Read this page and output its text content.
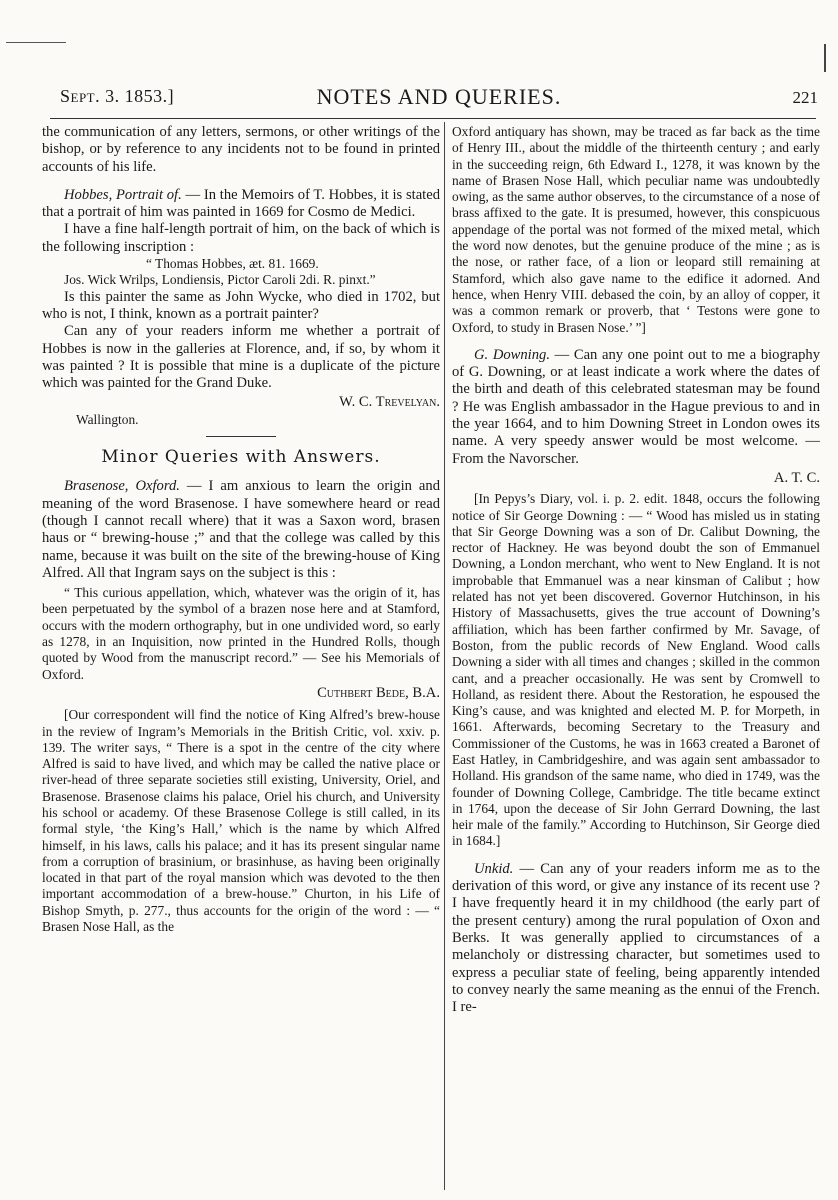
Sept. 3. 1853.]	NOTES AND QUERIES.	221

the communication of any letters, sermons, or other writings of the bishop, or by reference to any incidents not to be found in printed accounts of his life.

Hobbes, Portrait of. — In the Memoirs of T. Hobbes, it is stated that a portrait of him was painted in 1669 for Cosmo de Medici.

I have a fine half-length portrait of him, on the back of which is the following inscription :

“ Thomas Hobbes, æt. 81. 1669.

Jos. Wick Wrilps, Londiensis, Pictor Caroli 2di. R. pinxt.”

Is this painter the same as John Wycke, who died in 1702, but who is not, I think, known as a portrait painter?

Can any of your readers inform me whether a portrait of Hobbes is now in the galleries at Florence, and, if so, by whom it was painted ? It is possible that mine is a duplicate of the picture which was painted for the Grand Duke.

W. C. Trevelyan.

Wallington.

Minor Queries with Answers.

Brasenose, Oxford. — I am anxious to learn the origin and meaning of the word Brasenose. I have somewhere heard or read (though I cannot recall where) that it was a Saxon word, brasen haus or “ brewing-house ;” and that the college was called by this name, because it was built on the site of the brewing-house of King Alfred. All that Ingram says on the subject is this :

“ This curious appellation, which, whatever was the origin of it, has been perpetuated by the symbol of a brazen nose here and at Stamford, occurs with the modern orthography, but in one undivided word, so early as 1278, in an Inquisition, now printed in the Hundred Rolls, though quoted by Wood from the manuscript record.” — See his Memorials of Oxford.

Cuthbert Bede, B.A.

[Our correspondent will find the notice of King Alfred’s brew-house in the review of Ingram’s Memorials in the British Critic, vol. xxiv. p. 139. The writer says, “ There is a spot in the centre of the city where Alfred is said to have lived, and which may be called the native place or river-head of three separate societies still existing, University, Oriel, and Brasenose. Brasenose claims his palace, Oriel his church, and University his school or academy. Of these Brasenose College is still called, in its formal style, ‘the King’s Hall,’ which is the name by which Alfred himself, in his laws, calls his palace; and it has its present singular name from a corruption of brasinium, or brasinhuse, as having been originally located in that part of the royal mansion which was devoted to the then important accommodation of a brew-house.” Churton, in his Life of Bishop Smyth, p. 277., thus accounts for the origin of the word : — “ Brasen Nose Hall, as the

Oxford antiquary has shown, may be traced as far back as the time of Henry III., about the middle of the thirteenth century ; and early in the succeeding reign, 6th Edward I., 1278, it was known by the name of Brasen Nose Hall, which peculiar name was undoubtedly owing, as the same author observes, to the circumstance of a nose of brass affixed to the gate. It is presumed, however, this conspicuous appendage of the portal was not formed of the mixed metal, which the word now denotes, but the genuine produce of the mine ; as is the nose, or rather face, of a lion or leopard still remaining at Stamford, which also gave name to the edifice it adorned. And hence, when Henry VIII. debased the coin, by an alloy of copper, it was a common remark or proverb, that ‘ Testons were gone to Oxford, to study in Brasen Nose.’ ”]

G. Downing. — Can any one point out to me a biography of G. Downing, or at least indicate a work where the dates of the birth and death of this celebrated statesman may be found ? He was English ambassador in the Hague previous to and in the year 1664, and to him Downing Street in London owes its name. A very speedy answer would be most welcome. — From the Navorscher.

A. T. C.

[In Pepys’s Diary, vol. i. p. 2. edit. 1848, occurs the following notice of Sir George Downing : — “ Wood has misled us in stating that Sir George Downing was a son of Dr. Calibut Downing, the rector of Hackney. He was beyond doubt the son of Emmanuel Downing, a London merchant, who went to New England. It is not improbable that Emmanuel was a near kinsman of Calibut ; how related has not yet been discovered. Governor Hutchinson, in his History of Massachusetts, gives the true account of Downing’s affiliation, which has been farther confirmed by Mr. Savage, of Boston, from the public records of New England. Wood calls Downing a sider with all times and changes ; skilled in the common cant, and a preacher occasionally. He was sent by Cromwell to Holland, as resident there. About the Restoration, he espoused the King’s cause, and was knighted and elected M. P. for Morpeth, in 1661. Afterwards, becoming Secretary to the Treasury and Commissioner of the Customs, he was in 1663 created a Baronet of East Hatley, in Cambridgeshire, and was again sent ambassador to Holland. His grandson of the same name, who died in 1749, was the founder of Downing College, Cambridge. The title became extinct in 1764, upon the decease of Sir John Gerrard Downing, the last heir male of the family.” According to Hutchinson, Sir George died in 1684.]

Unkid. — Can any of your readers inform me as to the derivation of this word, or give any instance of its recent use ? I have frequently heard it in my childhood (the early part of the present century) among the rural population of Oxon and Berks. It was generally applied to circumstances of a melancholy or distressing character, but sometimes used to express a peculiar state of feeling, being apparently intended to convey nearly the same meaning as the ennui of the French. I re-
